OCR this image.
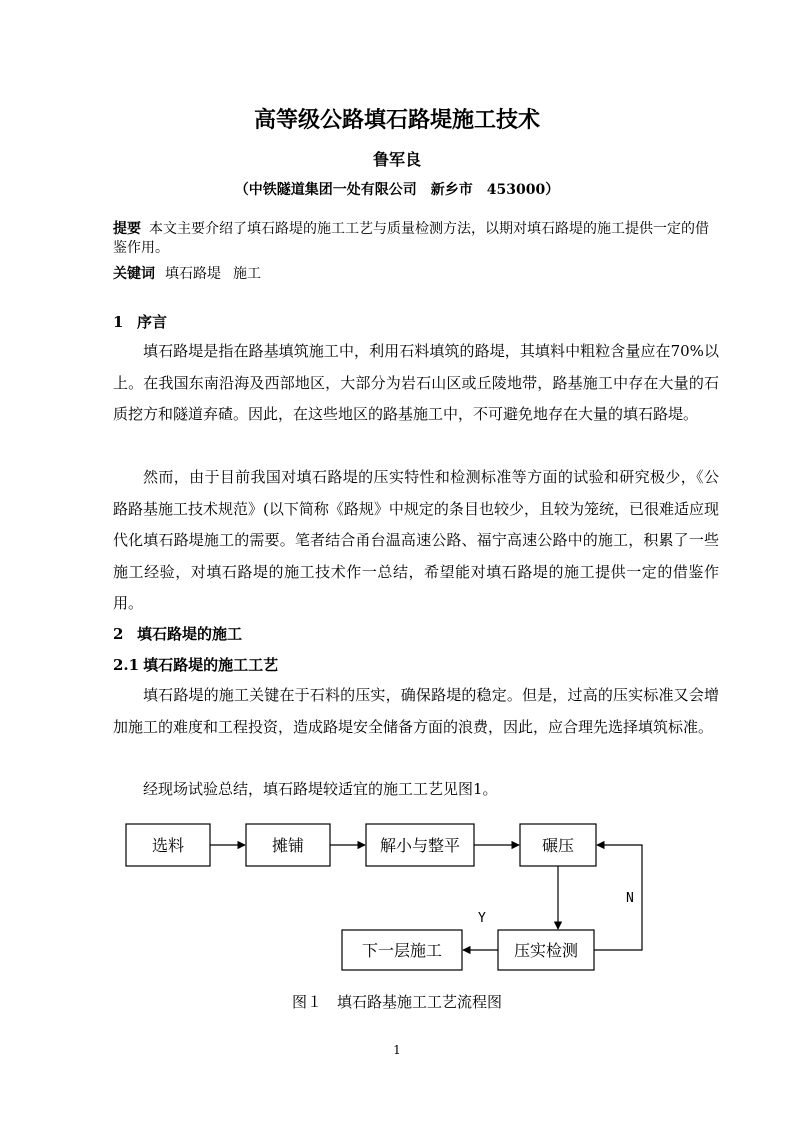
高等级公路填石路堤施工技术
鲁军良
（中铁隧道集团一处有限公司　新乡市　453000）
提要 本文主要介绍了填石路堤的施工工艺与质量检测方法，以期对填石路堤的施工提供一定的借鉴作用。
关键词 填石路堤 施工
1 序言
填石路堤是指在路基填筑施工中，利用石料填筑的路堤，其填料中粗粒含量应在70%以上。在我国东南沿海及西部地区，大部分为岩石山区或丘陵地带，路基施工中存在大量的石质挖方和隧道弃碴。因此，在这些地区的路基施工中，不可避免地存在大量的填石路堤。
然而，由于目前我国对填石路堤的压实特性和检测标准等方面的试验和研究极少，《公路路基施工技术规范》(以下简称《路规》中规定的条目也较少，且较为笼统，已很难适应现代化填石路堤施工的需要。笔者结合甬台温高速公路、福宁高速公路中的施工，积累了一些施工经验，对填石路堤的施工技术作一总结，希望能对填石路堤的施工提供一定的借鉴作用。
2 填石路堤的施工
2.1 填石路堤的施工工艺
填石路堤的施工关键在于石料的压实，确保路堤的稳定。但是，过高的压实标准又会增加施工的难度和工程投资，造成路堤安全储备方面的浪费，因此，应合理先选择填筑标准。
经现场试验总结，填石路堤较适宜的施工工艺见图1。
选料	摊铺	解小与整平	碾压
下一层施工	压实检测
Y
N
图１　填石路基施工工艺流程图
1
